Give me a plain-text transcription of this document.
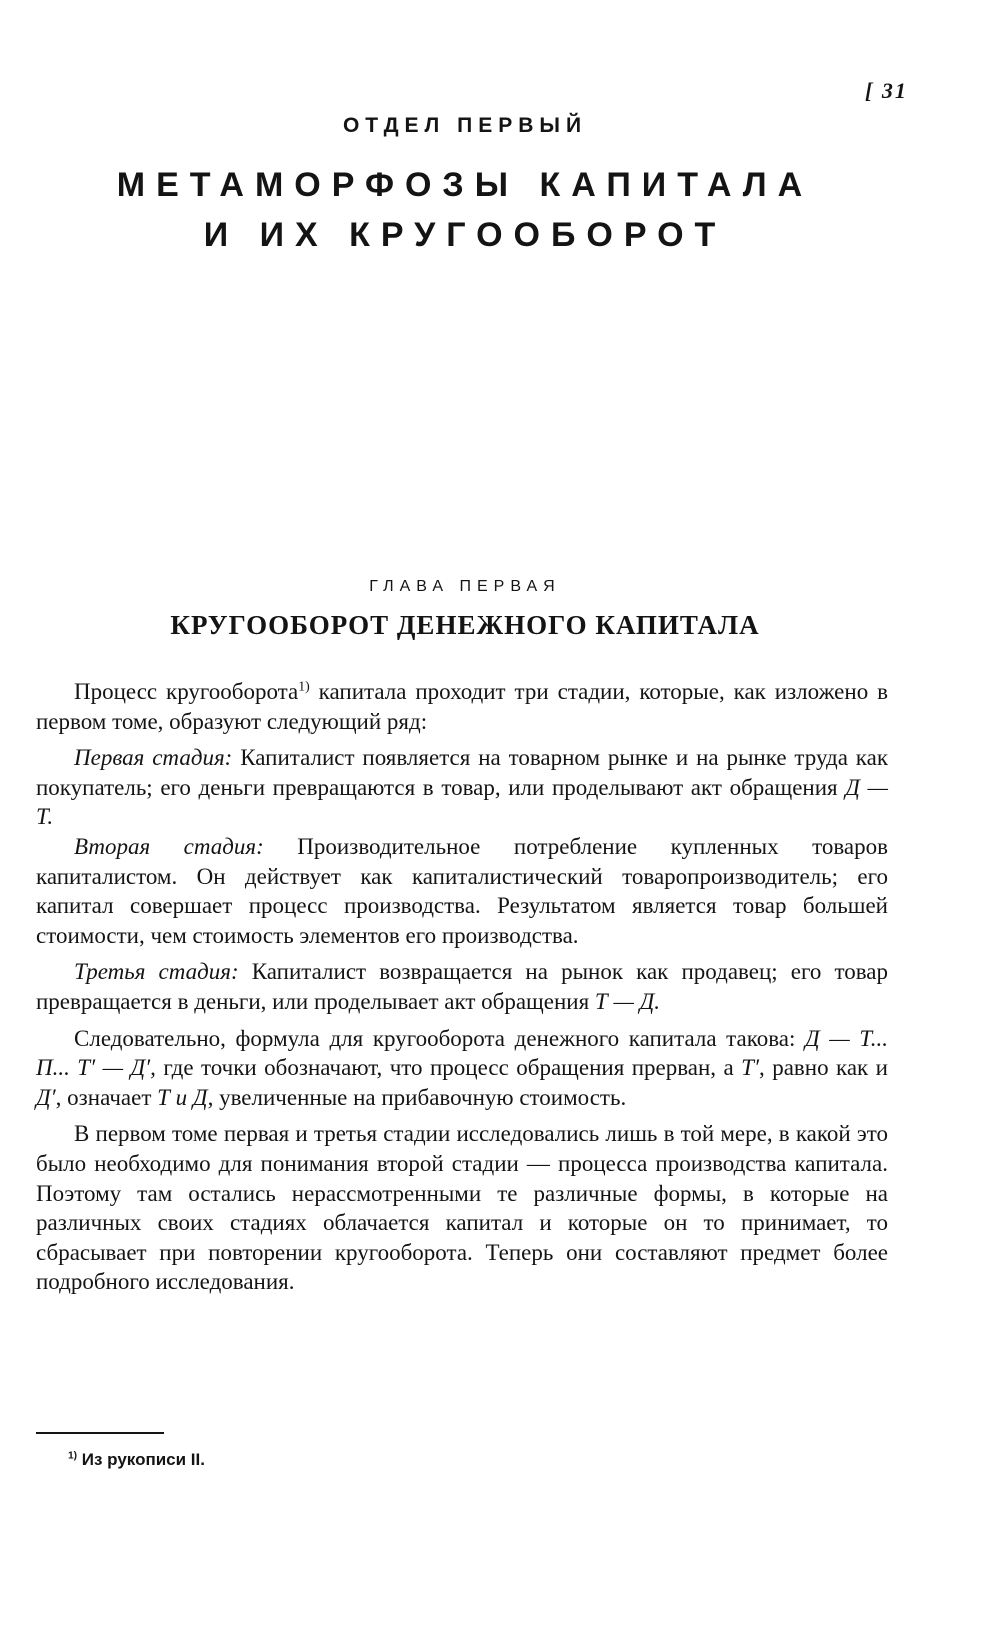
[ 31
ОТДЕЛ ПЕРВЫЙ
МЕТАМОРФОЗЫ КАПИТАЛА
И ИХ КРУГООБОРОТ
ГЛАВА ПЕРВАЯ
КРУГООБОРОТ ДЕНЕЖНОГО КАПИТАЛА

Процесс кругооборота$^{1)}$ капитала проходит три стадии, которые, как изложено в первом томе, образуют следующий ряд:

Первая стадия: Капиталист появляется на товарном рынке и на рынке труда как покупатель; его деньги превращаются в товар, или проделывают акт обращения Д — Т.

Вторая стадия: Производительное потребление купленных товаров капиталистом. Он действует как капиталистический товаропроизводитель; его капитал совершает процесс производства. Результатом является товар большей стоимости, чем стоимость элементов его производства.

Третья стадия: Капиталист возвращается на рынок как продавец; его товар превращается в деньги, или проделывает акт обращения Т — Д.

Следовательно, формула для кругооборота денежного капитала такова: Д — Т... П... Т′ — Д′, где точки обозначают, что процесс обращения прерван, а Т′, равно как и Д′, означает Т и Д, увеличенные на прибавочную стоимость.

В первом томе первая и третья стадии исследовались лишь в той мере, в какой это было необходимо для понимания второй стадии — процесса производства капитала. Поэтому там остались нерассмотренными те различные формы, в которые на различных своих стадиях облачается капитал и которые он то принимает, то сбрасывает при повторении кругооборота. Теперь они составляют предмет более подробного исследования.

$^{1)}$ Из рукописи II.
